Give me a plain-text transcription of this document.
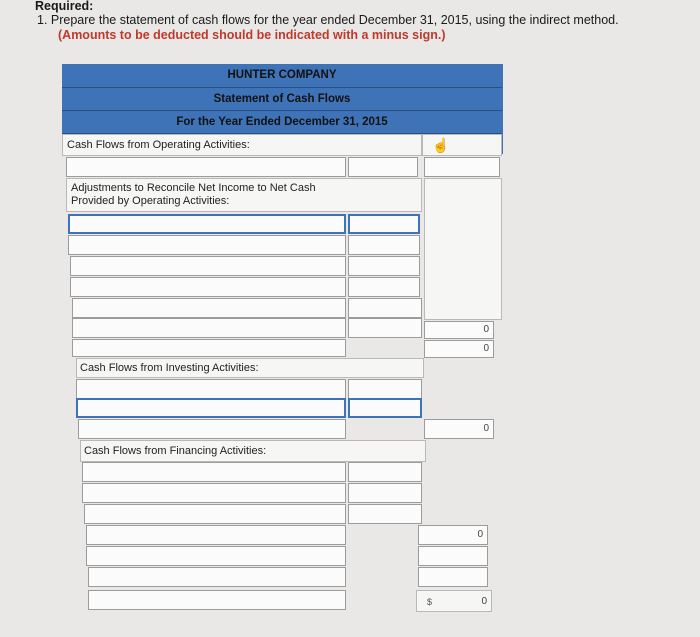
Required:
1. Prepare the statement of cash flows for the year ended December 31, 2015, using the indirect method.
(Amounts to be deducted should be indicated with a minus sign.)
HUNTER COMPANY
Statement of Cash Flows
For the Year Ended December 31, 2015
Cash Flows from Operating Activities:	☝
Adjustments to Reconcile Net Income to Net Cash
Provided by Operating Activities:
0
0
Cash Flows from Investing Activities:
0
Cash Flows from Financing Activities:
0
$	0
